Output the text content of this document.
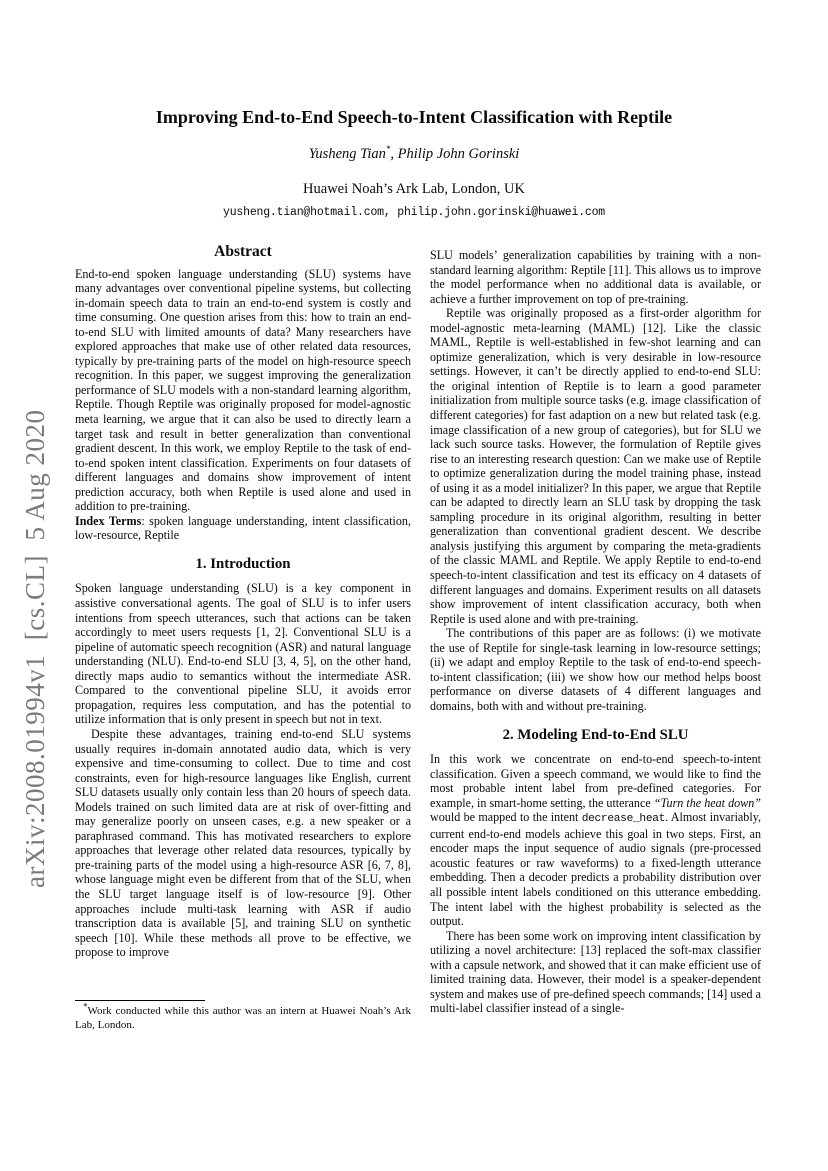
arXiv:2008.01994v1  [cs.CL]  5 Aug 2020
Improving End-to-End Speech-to-Intent Classification with Reptile
Yusheng Tian*, Philip John Gorinski
Huawei Noah’s Ark Lab, London, UK
yusheng.tian@hotmail.com, philip.john.gorinski@huawei.com
Abstract

End-to-end spoken language understanding (SLU) systems have many advantages over conventional pipeline systems, but collecting in-domain speech data to train an end-to-end system is costly and time consuming. One question arises from this: how to train an end-to-end SLU with limited amounts of data? Many researchers have explored approaches that make use of other related data resources, typically by pre-training parts of the model on high-resource speech recognition. In this paper, we suggest improving the generalization performance of SLU models with a non-standard learning algorithm, Reptile. Though Reptile was originally proposed for model-agnostic meta learning, we argue that it can also be used to directly learn a target task and result in better generalization than conventional gradient descent. In this work, we employ Reptile to the task of end-to-end spoken intent classification. Experiments on four datasets of different languages and domains show improvement of intent prediction accuracy, both when Reptile is used alone and used in addition to pre-training.

Index Terms: spoken language understanding, intent classification, low-resource, Reptile

1. Introduction

Spoken language understanding (SLU) is a key component in assistive conversational agents. The goal of SLU is to infer users intentions from speech utterances, such that actions can be taken accordingly to meet users requests [1, 2]. Conventional SLU is a pipeline of automatic speech recognition (ASR) and natural language understanding (NLU). End-to-end SLU [3, 4, 5], on the other hand, directly maps audio to semantics without the intermediate ASR. Compared to the conventional pipeline SLU, it avoids error propagation, requires less computation, and has the potential to utilize information that is only present in speech but not in text.

Despite these advantages, training end-to-end SLU systems usually requires in-domain annotated audio data, which is very expensive and time-consuming to collect. Due to time and cost constraints, even for high-resource languages like English, current SLU datasets usually only contain less than 20 hours of speech data. Models trained on such limited data are at risk of over-fitting and may generalize poorly on unseen cases, e.g. a new speaker or a paraphrased command. This has motivated researchers to explore approaches that leverage other related data resources, typically by pre-training parts of the model using a high-resource ASR [6, 7, 8], whose language might even be different from that of the SLU, when the SLU target language itself is of low-resource [9]. Other approaches include multi-task learning with ASR if audio transcription data is available [5], and training SLU on synthetic speech [10]. While these methods all prove to be effective, we propose to improve

SLU models’ generalization capabilities by training with a non-standard learning algorithm: Reptile [11]. This allows us to improve the model performance when no additional data is available, or achieve a further improvement on top of pre-training.

Reptile was originally proposed as a first-order algorithm for model-agnostic meta-learning (MAML) [12]. Like the classic MAML, Reptile is well-established in few-shot learning and can optimize generalization, which is very desirable in low-resource settings. However, it can’t be directly applied to end-to-end SLU: the original intention of Reptile is to learn a good parameter initialization from multiple source tasks (e.g. image classification of different categories) for fast adaption on a new but related task (e.g. image classification of a new group of categories), but for SLU we lack such source tasks. However, the formulation of Reptile gives rise to an interesting research question: Can we make use of Reptile to optimize generalization during the model training phase, instead of using it as a model initializer? In this paper, we argue that Reptile can be adapted to directly learn an SLU task by dropping the task sampling procedure in its original algorithm, resulting in better generalization than conventional gradient descent. We describe analysis justifying this argument by comparing the meta-gradients of the classic MAML and Reptile. We apply Reptile to end-to-end speech-to-intent classification and test its efficacy on 4 datasets of different languages and domains. Experiment results on all datasets show improvement of intent classification accuracy, both when Reptile is used alone and with pre-training.

The contributions of this paper are as follows: (i) we motivate the use of Reptile for single-task learning in low-resource settings; (ii) we adapt and employ Reptile to the task of end-to-end speech-to-intent classification; (iii) we show how our method helps boost performance on diverse datasets of 4 different languages and domains, both with and without pre-training.

2. Modeling End-to-End SLU

In this work we concentrate on end-to-end speech-to-intent classification. Given a speech command, we would like to find the most probable intent label from pre-defined categories. For example, in smart-home setting, the utterance “Turn the heat down” would be mapped to the intent decrease_heat. Almost invariably, current end-to-end models achieve this goal in two steps. First, an encoder maps the input sequence of audio signals (pre-processed acoustic features or raw waveforms) to a fixed-length utterance embedding. Then a decoder predicts a probability distribution over all possible intent labels conditioned on this utterance embedding. The intent label with the highest probability is selected as the output.

There has been some work on improving intent classification by utilizing a novel architecture: [13] replaced the soft-max classifier with a capsule network, and showed that it can make efficient use of limited training data. However, their model is a speaker-dependent system and makes use of pre-defined speech commands; [14] used a multi-label classifier instead of a single-

*Work conducted while this author was an intern at Huawei Noah’s Ark Lab, London.
